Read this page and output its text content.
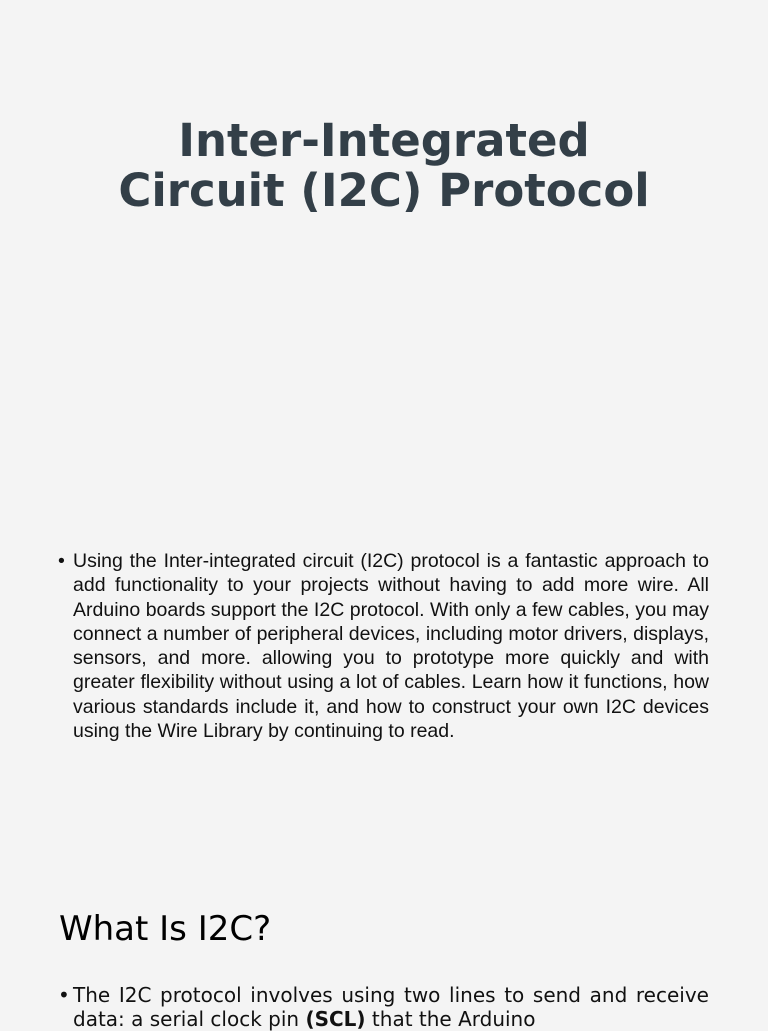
Inter-Integrated
Circuit (I2C) Protocol
• Using the Inter-integrated circuit (I2C) protocol is a fantastic approach to add functionality to your projects without having to add more wire. All Arduino boards support the I2C protocol. With only a few cables, you may connect a number of peripheral devices, including motor drivers, displays, sensors, and more. allowing you to prototype more quickly and with greater flexibility without using a lot of cables. Learn how it functions, how various standards include it, and how to construct your own I2C devices using the Wire Library by continuing to read.
What Is I2C?
• The I2C protocol involves using two lines to send and receive data: a serial clock pin (SCL) that the Arduino
